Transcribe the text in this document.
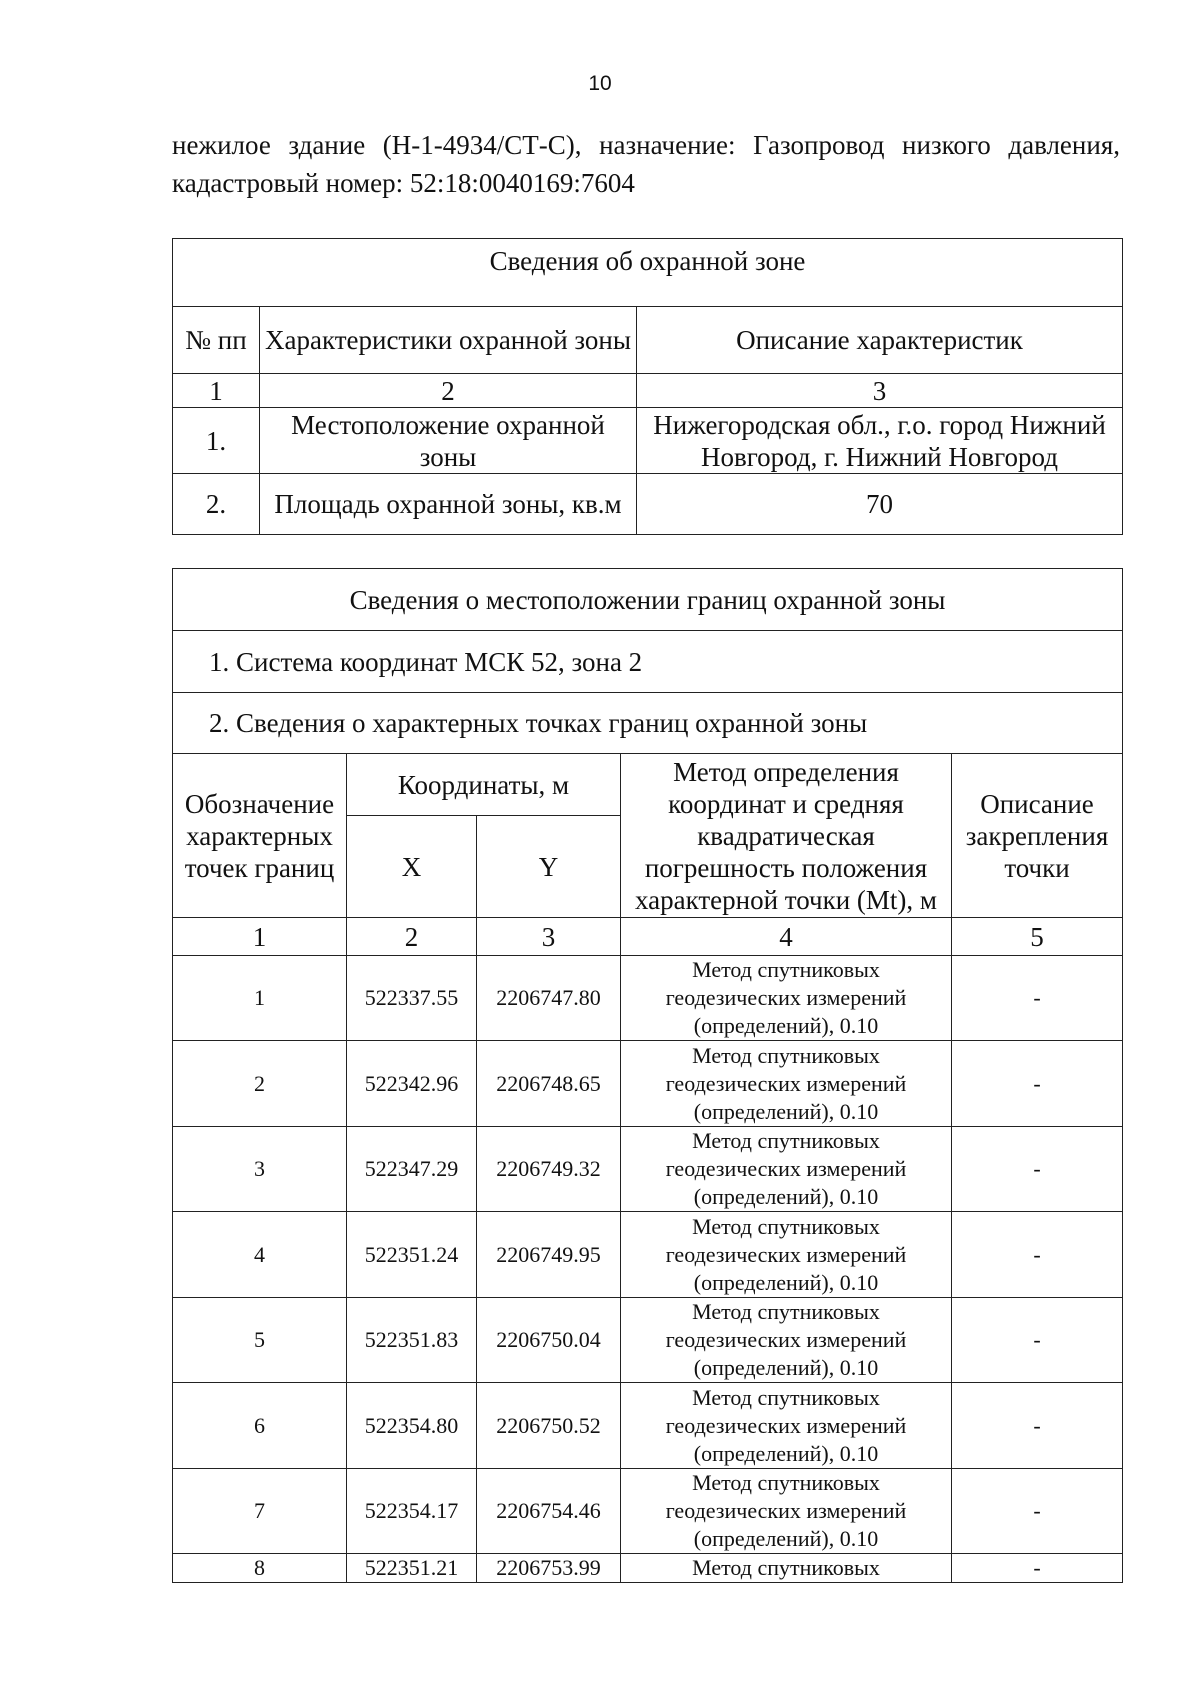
10
нежилое здание (Н-1-4934/СТ-С), назначение: Газопровод низкого давления, кадастровый номер: 52:18:0040169:7604
Сведения об охранной зоне		
№ пп	Характеристики охранной зоны	Описание характеристик
1	2	3
1.	Местоположение охранной зоны	Нижегородская обл., г.о. город Нижний Новгород, г. Нижний Новгород
2.	Площадь охранной зоны, кв.м	70
Сведения о местоположении границ охранной зоны				
1. Система координат МСК 52, зона 2				
2. Сведения о характерных точках границ охранной зоны				
Обозначение характерных точек границ	Координаты, м		Метод определения координат и средняя квадратическая погрешность положения характерной точки (Mt), м	Описание закрепления точки
	X	Y		
1	2	3	4	5
1	522337.55	2206747.80	Метод спутниковых геодезических измерений (определений), 0.10	-
2	522342.96	2206748.65	Метод спутниковых геодезических измерений (определений), 0.10	-
3	522347.29	2206749.32	Метод спутниковых геодезических измерений (определений), 0.10	-
4	522351.24	2206749.95	Метод спутниковых геодезических измерений (определений), 0.10	-
5	522351.83	2206750.04	Метод спутниковых геодезических измерений (определений), 0.10	-
6	522354.80	2206750.52	Метод спутниковых геодезических измерений (определений), 0.10	-
7	522354.17	2206754.46	Метод спутниковых геодезических измерений (определений), 0.10	-
8	522351.21	2206753.99	Метод спутниковых	-
